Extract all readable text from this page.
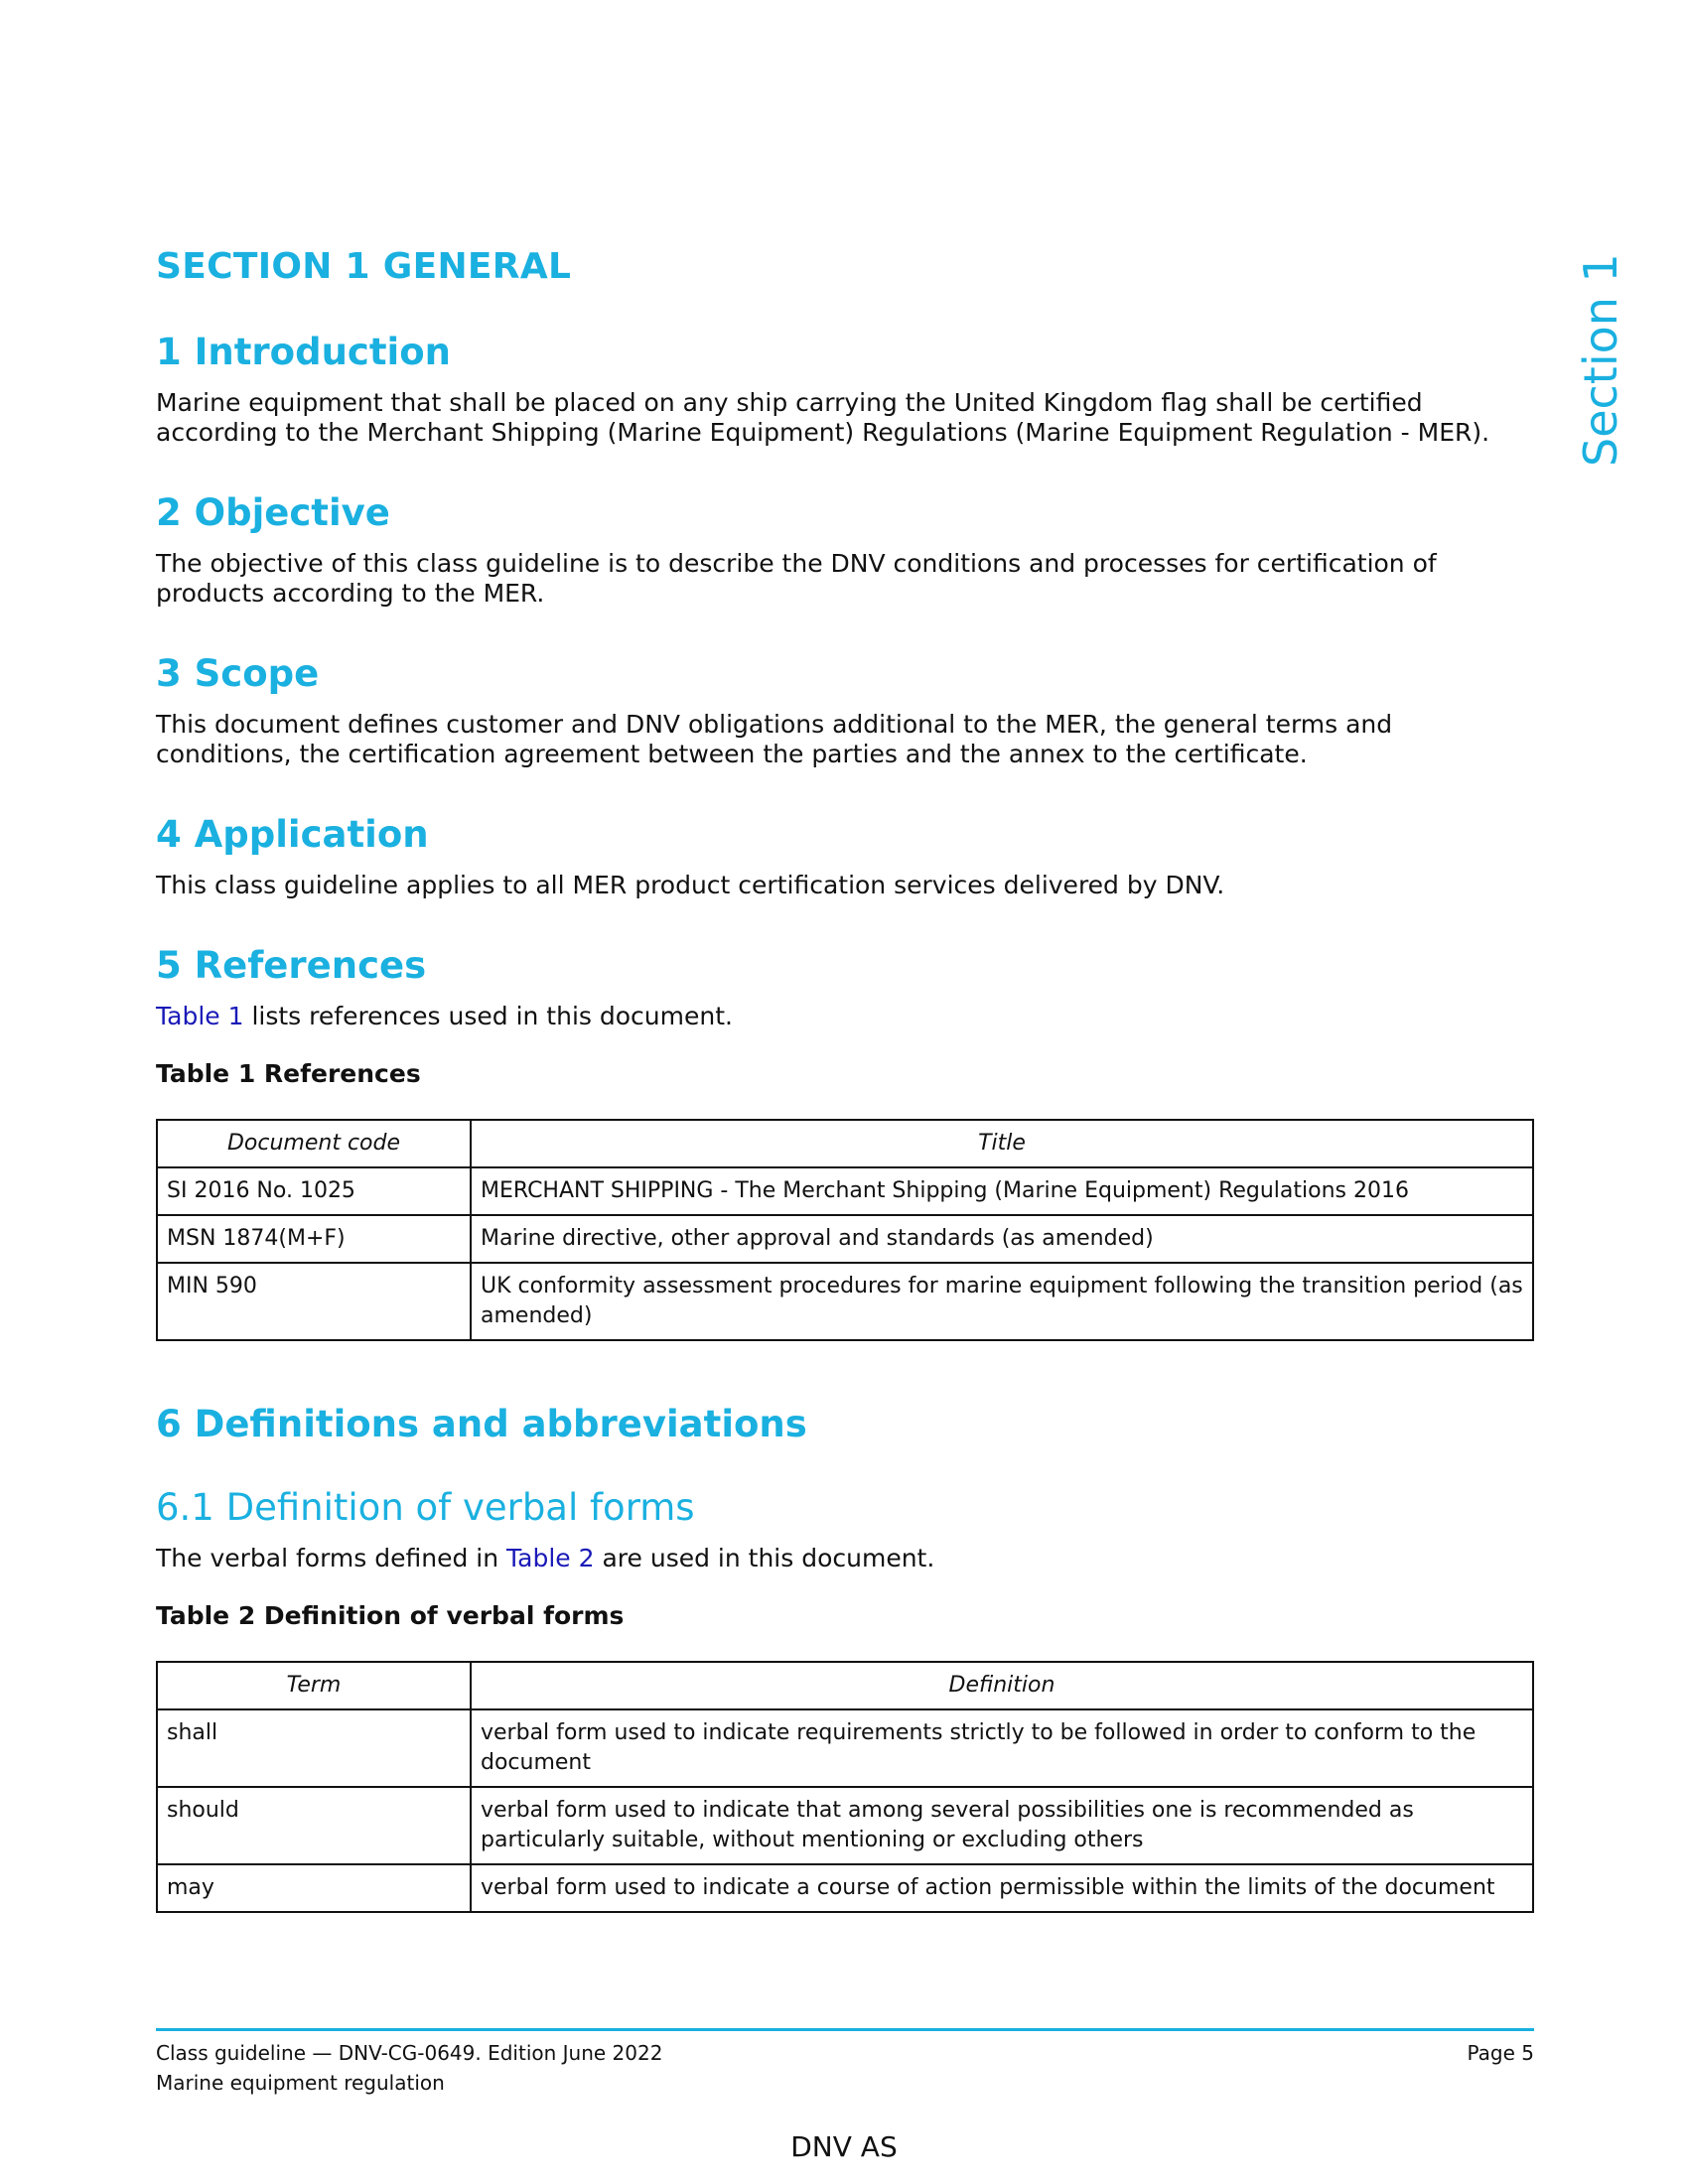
Section 1
SECTION 1 GENERAL
1 Introduction

Marine equipment that shall be placed on any ship carrying the United Kingdom flag shall be certified according to the Merchant Shipping (Marine Equipment) Regulations (Marine Equipment Regulation - MER).

2 Objective

The objective of this class guideline is to describe the DNV conditions and processes for certification of products according to the MER.

3 Scope

This document defines customer and DNV obligations additional to the MER, the general terms and conditions, the certification agreement between the parties and the annex to the certificate.

4 Application

This class guideline applies to all MER product certification services delivered by DNV.

5 References

Table 1 lists references used in this document.

Table 1 References
Document code	Title
SI 2016 No. 1025	MERCHANT SHIPPING - The Merchant Shipping (Marine Equipment) Regulations 2016
MSN 1874(M+F)	Marine directive, other approval and standards (as amended)
MIN 590	UK conformity assessment procedures for marine equipment following the transition period (as amended)
6 Definitions and abbreviations
6.1 Definition of verbal forms

The verbal forms defined in Table 2 are used in this document.

Table 2 Definition of verbal forms
Term	Definition
shall	verbal form used to indicate requirements strictly to be followed in order to conform to the document
should	verbal form used to indicate that among several possibilities one is recommended as particularly suitable, without mentioning or excluding others
may	verbal form used to indicate a course of action permissible within the limits of the document
Class guideline — DNV-CG-0649. Edition June 2022
Marine equipment regulation
Page 5
DNV AS
